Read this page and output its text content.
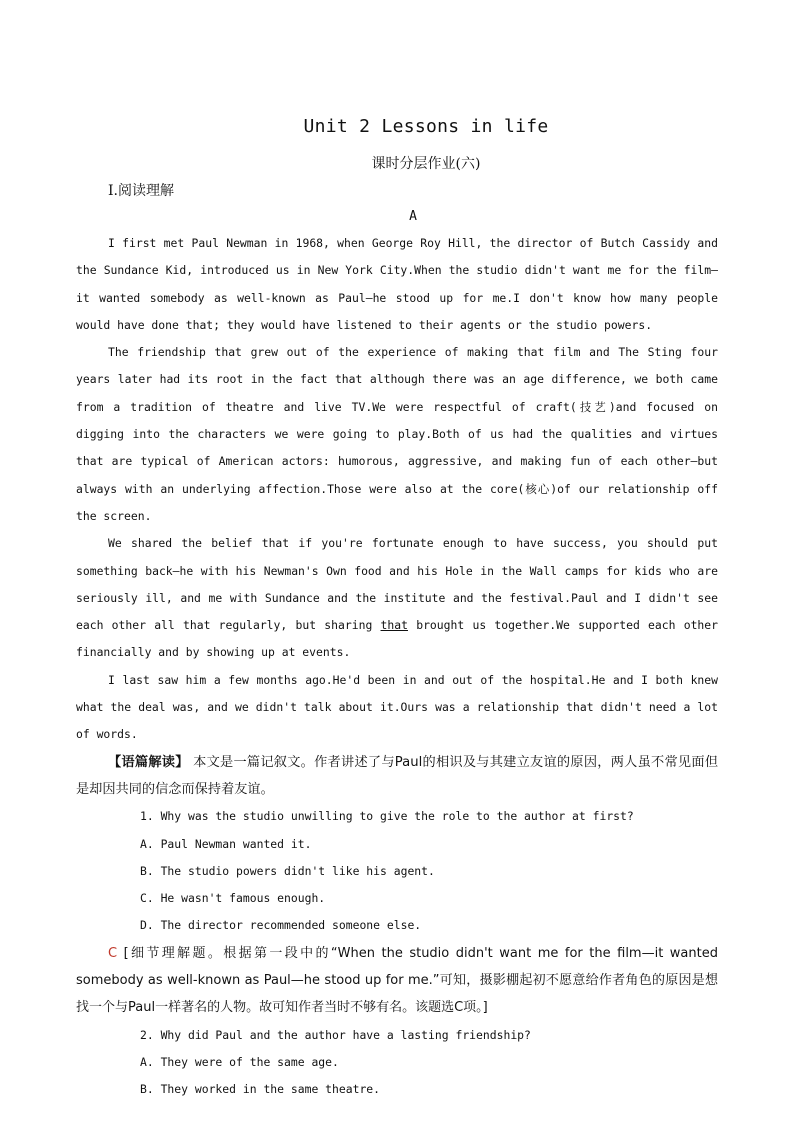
Unit 2 Lessons in life
课时分层作业(六)
Ⅰ.阅读理解
A

I first met Paul Newman in 1968, when George Roy Hill, the director of Butch Cassidy and the Sundance Kid, introduced us in New York City.When the studio didn't want me for the film—it wanted somebody as well‑known as Paul—he stood up for me.I don't know how many people would have done that; they would have listened to their agents or the studio powers.

The friendship that grew out of the experience of making that film and The Sting four years later had its root in the fact that although there was an age difference, we both came from a tradition of theatre and live TV.We were respectful of craft(技艺)and focused on digging into the characters we were going to play.Both of us had the qualities and virtues that are typical of American actors: humorous, aggressive, and making fun of each other—but always with an underlying affection.Those were also at the core(核心)of our relationship off the screen.

We shared the belief that if you're fortunate enough to have success, you should put something back—he with his Newman's Own food and his Hole in the Wall camps for kids who are seriously ill, and me with Sundance and the institute and the festival.Paul and I didn't see each other all that regularly, but sharing that brought us together.We supported each other financially and by showing up at events.

I last saw him a few months ago.He'd been in and out of the hospital.He and I both knew what the deal was, and we didn't talk about it.Ours was a relationship that didn't need a lot of words.

【语篇解读】 本文是一篇记叙文。作者讲述了与Paul的相识及与其建立友谊的原因，两人虽不常见面但是却因共同的信念而保持着友谊。

1. Why was the studio unwilling to give the role to the author at first?

A. Paul Newman wanted it.

B. The studio powers didn't like his agent.

C. He wasn't famous enough.

D. The director recommended someone else.

C [细节理解题。根据第一段中的“When the studio didn't want me for the film—it wanted somebody as well‑known as Paul—he stood up for me.”可知，摄影棚起初不愿意给作者角色的原因是想找一个与Paul一样著名的人物。故可知作者当时不够有名。该题选C项。]

2. Why did Paul and the author have a lasting friendship?

A. They were of the same age.

B. They worked in the same theatre.
